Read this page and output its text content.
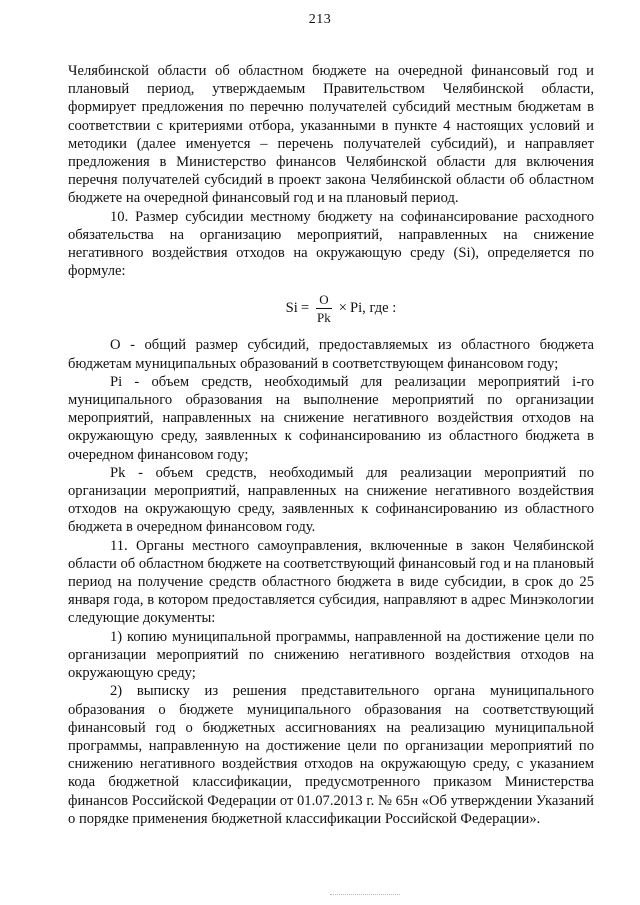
213

Челябинской области об областном бюджете на очередной финансовый год и плановый период, утверждаемым Правительством Челябинской области, формирует предложения по перечню получателей субсидий местным бюджетам в соответствии с критериями отбора, указанными в пункте 4 настоящих условий и методики (далее именуется – перечень получателей субсидий), и направляет предложения в Министерство финансов Челябинской области для включения перечня получателей субсидий в проект закона Челябинской области об областном бюджете на очередной финансовый год и на плановый период.

10. Размер субсидии местному бюджету на софинансирование расходного обязательства на организацию мероприятий, направленных на снижение негативного воздействия отходов на окружающую среду (Si), определяется по формуле:

$Si = \frac{O}{Pk} \times Pi$, где :

О - общий размер субсидий, предоставляемых из областного бюджета бюджетам муниципальных образований в соответствующем финансовом году;

Pi - объем средств, необходимый для реализации мероприятий i-го муниципального образования на выполнение мероприятий по организации мероприятий, направленных на снижение негативного воздействия отходов на окружающую среду, заявленных к софинансированию из областного бюджета в очередном финансовом году;

Pk - объем средств, необходимый для реализации мероприятий по организации мероприятий, направленных на снижение негативного воздействия отходов на окружающую среду, заявленных к софинансированию из областного бюджета в очередном финансовом году.

11. Органы местного самоуправления, включенные в закон Челябинской области об областном бюджете на соответствующий финансовый год и на плановый период на получение средств областного бюджета в виде субсидии, в срок до 25 января года, в котором предоставляется субсидия, направляют в адрес Минэкологии следующие документы:

1) копию муниципальной программы, направленной на достижение цели по организации мероприятий по снижению негативного воздействия отходов на окружающую среду;

2) выписку из решения представительного органа муниципального образования о бюджете муниципального образования на соответствующий финансовый год о бюджетных ассигнованиях на реализацию муниципальной программы, направленную на достижение цели по организации мероприятий по снижению негативного воздействия отходов на окружающую среду, с указанием кода бюджетной классификации, предусмотренного приказом Министерства финансов Российской Федерации от 01.07.2013 г. № 65н «Об утверждении Указаний о порядке применения бюджетной классификации Российской Федерации».
